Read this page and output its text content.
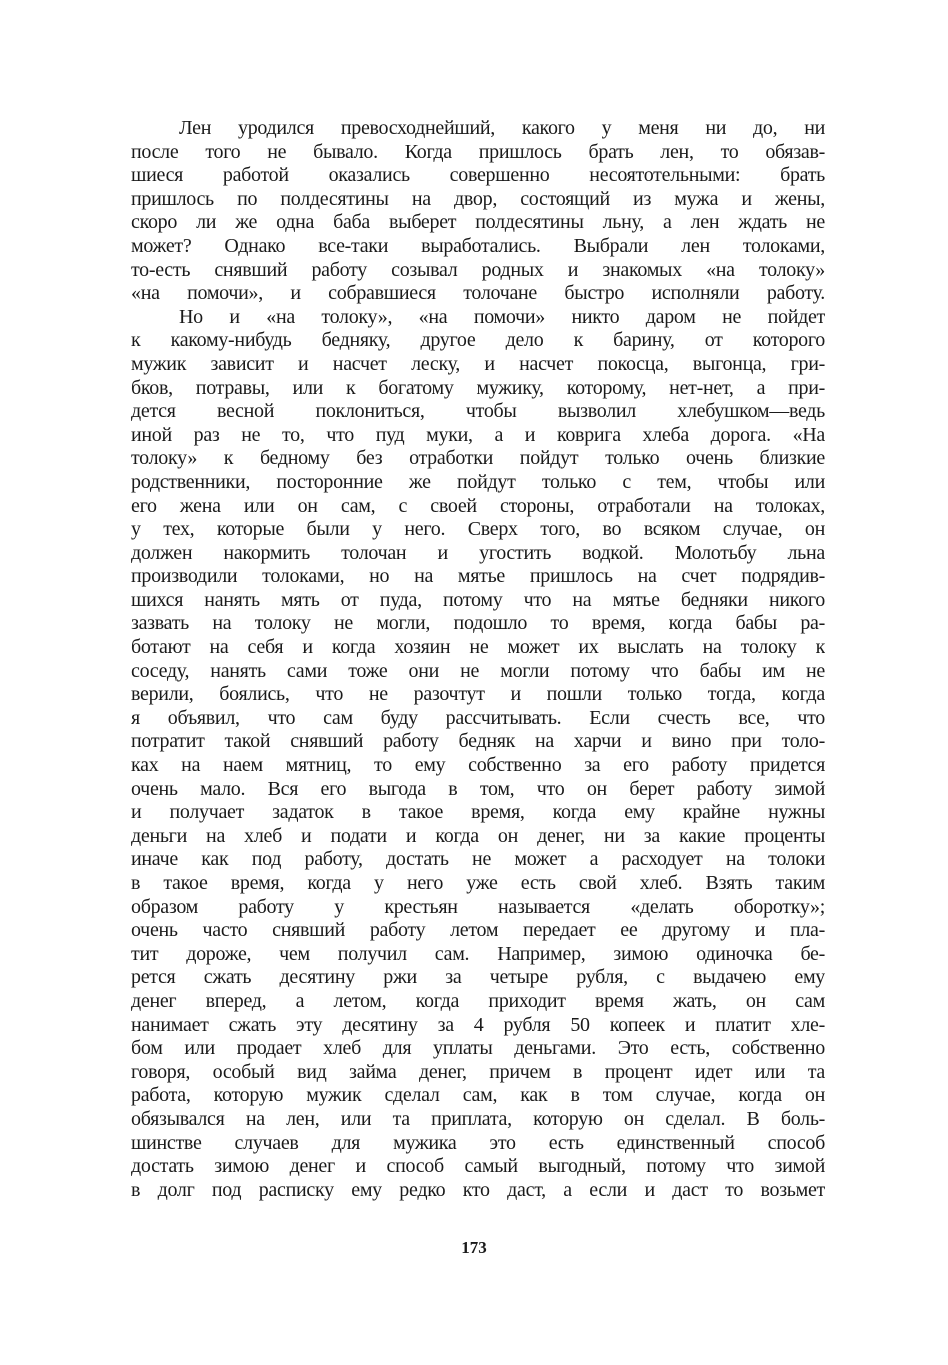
Лен уродился превосходнейший, какого у меня ни до, ни
после того не бывало. Когда пришлось брать лен, то обязав-
шиеся работой оказались совершенно несоятотельными: брать
пришлось по полдесятины на двор, состоящий из мужа и жены,
скоро ли же одна баба выберет полдесятины льну, а лен ждать не
может? Однако все-таки выработались. Выбрали лен толоками,
то-есть снявший работу созывал родных и знакомых «на толоку»
«на помочи», и собравшиеся толочане быстро исполняли работу.
Но и «на толоку», «на помочи» никто даром не пойдет
к какому-нибудь бедняку, другое дело к барину, от которого
мужик зависит и насчет леску, и насчет покосца, выгонца, гри-
бков, потравы, или к богатому мужику, которому, нет-нет, а при-
дется весной поклониться, чтобы вызволил хлебушком—ведь
иной раз не то, что пуд муки, а и коврига хлеба дорога. «На
толоку» к бедному без отработки пойдут только очень близкие
родственники, посторонние же пойдут только с тем, чтобы или
его жена или он сам, с своей стороны, отработали на толоках,
у тех, которые были у него. Сверх того, во всяком случае, он
должен накормить толочан и угостить водкой. Молотьбу льна
производили толоками, но на мятье пришлось на счет подрядив-
шихся нанять мять от пуда, потому что на мятье бедняки никого
зазвать на толоку не могли, подошло то время, когда бабы ра-
ботают на себя и когда хозяин не может их выслать на толоку к
соседу, нанять сами тоже они не могли потому что бабы им не
верили, боялись, что не разочтут и пошли только тогда, когда
я объявил, что сам буду рассчитывать. Если счесть все, что
потратит такой снявший работу бедняк на харчи и вино при толо-
ках на наем мятниц, то ему собственно за его работу придется
очень мало. Вся его выгода в том, что он берет работу зимой
и получает задаток в такое время, когда ему крайне нужны
деньги на хлеб и подати и когда он денег, ни за какие проценты
иначе как под работу, достать не может а расходует на толоки
в такое время, когда у него уже есть свой хлеб. Взять таким
образом работу у крестьян называется «делать оборотку»;
очень часто снявший работу летом передает ее другому и пла-
тит дороже, чем получил сам. Например, зимою одиночка бе-
рется сжать десятину ржи за четыре рубля, с выдачею ему
денег вперед, а летом, когда приходит время жать, он сам
нанимает сжать эту десятину за 4 рубля 50 копеек и платит хле-
бом или продает хлеб для уплаты деньгами. Это есть, собственно
говоря, особый вид займа денег, причем в процент идет или та
работа, которую мужик сделал сам, как в том случае, когда он
обязывался на лен, или та приплата, которую он сделал. В боль-
шинстве случаев для мужика это есть единственный способ
достать зимою денег и способ самый выгодный, потому что зимой
в долг под расписку ему редко кто даст, а если и даст то возьмет
173
